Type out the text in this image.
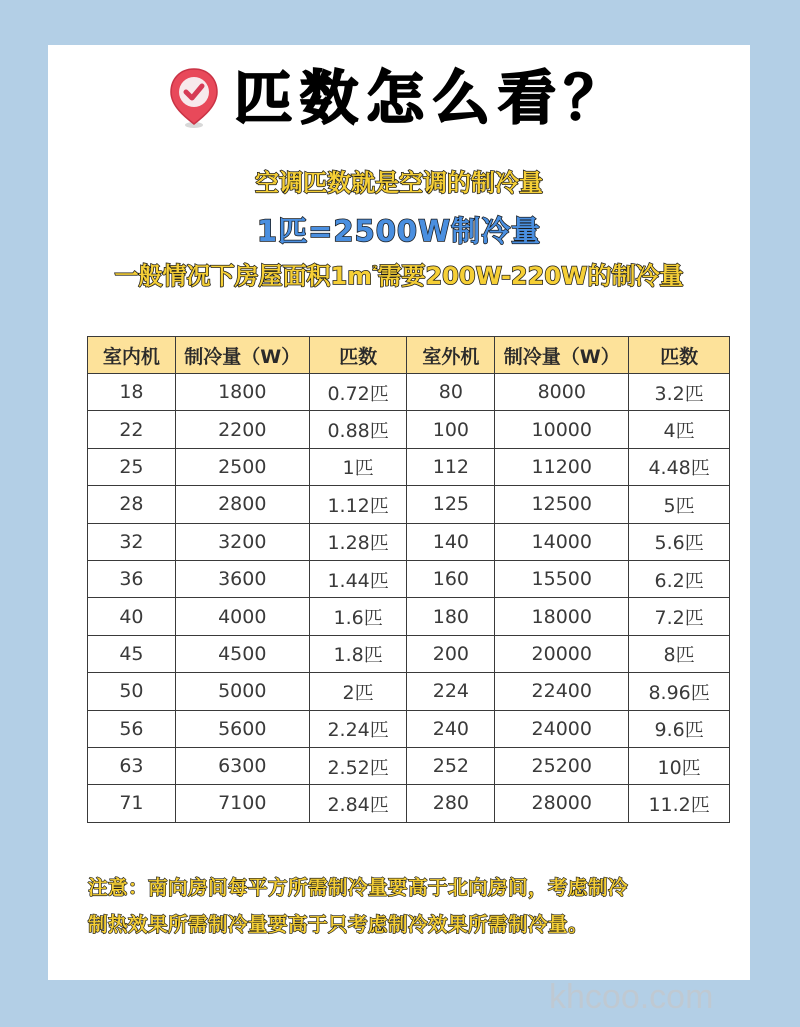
匹数怎么看？
空调匹数就是空调的制冷量
1匹=2500W制冷量
一般情况下房屋面积$1m^{^2}$需要200W-220W的制冷量
室内机	制冷量（W）	匹数	室外机	制冷量（W）	匹数
18	1800	0.72匹	80	8000	3.2匹
22	2200	0.88匹	100	10000	4匹
25	2500	1匹	112	11200	4.48匹
28	2800	1.12匹	125	12500	5匹
32	3200	1.28匹	140	14000	5.6匹
36	3600	1.44匹	160	15500	6.2匹
40	4000	1.6匹	180	18000	7.2匹
45	4500	1.8匹	200	20000	8匹
50	5000	2匹	224	22400	8.96匹
56	5600	2.24匹	240	24000	9.6匹
63	6300	2.52匹	252	25200	10匹
71	7100	2.84匹	280	28000	11.2匹
注意：南向房间每平方所需制冷量要高于北向房间，考虑制冷
制热效果所需制冷量要高于只考虑制冷效果所需制冷量。
khcoo.com
